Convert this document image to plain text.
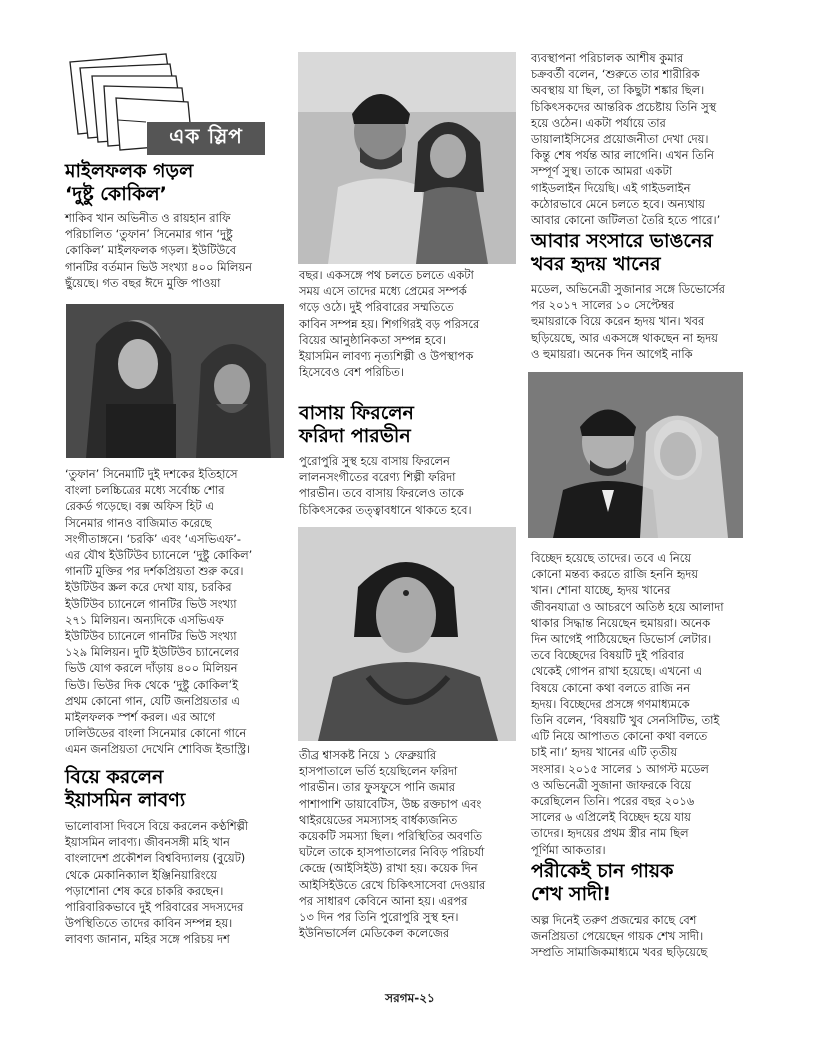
এক স্লিপ
মাইলফলক গড়ল
‘দুষ্টু কোকিল’
শাকিব খান অভিনীত ও রায়হান রাফি
পরিচালিত ‘তুফান’ সিনেমার গান ‘দুষ্টু
কোকিল’ মাইলফলক গড়ল। ইউটিউবে
গানটির বর্তমান ভিউ সংখ্যা ৪০০ মিলিয়ন
ছুঁয়েছে। গত বছর ঈদে মুক্তি পাওয়া
‘তুফান’ সিনেমাটি দুই দশকের ইতিহাসে
বাংলা চলচ্চিত্রের মধ্যে সর্বোচ্চ শোর
রেকর্ড গড়েছে। বক্স অফিস হিট এ
সিনেমার গানও বাজিমাত করেছে
সংগীতাঙ্গনে। ‘চরকি’ এবং ‘এসভিএফ’-
এর যৌথ ইউটিউব চ্যানেলে ‘দুষ্টু কোকিল’
গানটি মুক্তির পর দর্শকপ্রিয়তা শুরু করে।
ইউটিউব স্ক্রল করে দেখা যায়, চরকির
ইউটিউব চ্যানেলে গানটির ভিউ সংখ্যা
২৭১ মিলিয়ন। অন্যদিকে এসভিএফ
ইউটিউব চ্যানেলে গানটির ভিউ সংখ্যা
১২৯ মিলিয়ন। দুটি ইউটিউব চ্যানেলের
ভিউ যোগ করলে দাঁড়ায় ৪০০ মিলিয়ন
ভিউ। ভিউর দিক থেকে ‘দুষ্টু কোকিল’ই
প্রথম কোনো গান, যেটি জনপ্রিয়তার এ
মাইলফলক স্পর্শ করল। এর আগে
ঢালিউডের বাংলা সিনেমার কোনো গানে
এমন জনপ্রিয়তা দেখেনি শোবিজ ইন্ডাস্ট্রি।
বিয়ে করলেন
ইয়াসমিন লাবণ্য
ভালোবাসা দিবসে বিয়ে করলেন কণ্ঠশিল্পী
ইয়াসমিন লাবণ্য। জীবনসঙ্গী মহি খান
বাংলাদেশ প্রকৌশল বিশ্ববিদ্যালয় (বুয়েট)
থেকে মেকানিক্যাল ইঞ্জিনিয়ারিংয়ে
পড়াশোনা শেষ করে চাকরি করছেন।
পারিবারিকভাবে দুই পরিবারের সদস্যদের
উপস্থিতিতে তাদের কাবিন সম্পন্ন হয়।
লাবণ্য জানান, মহির সঙ্গে পরিচয় দশ
বছর। একসঙ্গে পথ চলতে চলতে একটা
সময় এসে তাদের মধ্যে প্রেমের সম্পর্ক
গড়ে ওঠে। দুই পরিবারের সম্মতিতে
কাবিন সম্পন্ন হয়। শিগগিরই বড় পরিসরে
বিয়ের আনুষ্ঠানিকতা সম্পন্ন হবে।
ইয়াসমিন লাবণ্য নৃত্যশিল্পী ও উপস্থাপক
হিসেবেও বেশ পরিচিত।
বাসায় ফিরলেন
ফরিদা পারভীন
পুরোপুরি সুস্থ হয়ে বাসায় ফিরলেন
লালনসংগীতের বরেণ্য শিল্পী ফরিদা
পারভীন। তবে বাসায় ফিরলেও তাকে
চিকিৎসকের তত্ত্বাবধানে থাকতে হবে।
তীব্র শ্বাসকষ্ট নিয়ে ১ ফেব্রুয়ারি
হাসপাতালে ভর্তি হয়েছিলেন ফরিদা
পারভীন। তার ফুসফুসে পানি জমার
পাশাপাশি ডায়াবেটিস, উচ্চ রক্তচাপ এবং
থাইরয়েডের সমস্যাসহ বার্ধক্যজনিত
কয়েকটি সমস্যা ছিল। পরিস্থিতির অবণতি
ঘটলে তাকে হাসপাতালের নিবিড় পরিচর্যা
কেন্দ্রে (আইসিইউ) রাখা হয়। কয়েক দিন
আইসিইউতে রেখে চিকিৎসাসেবা দেওয়ার
পর সাধারণ কেবিনে আনা হয়। এরপর
১৩ দিন পর তিনি পুরোপুরি সুস্থ হন।
ইউনিভার্সেল মেডিকেল কলেজের
ব্যবস্থাপনা পরিচালক আশীষ কুমার
চক্রবর্তী বলেন, ‘শুরুতে তার শারীরিক
অবস্থায় যা ছিল, তা কিছুটা শঙ্কার ছিল।
চিকিৎসকদের আন্তরিক প্রচেষ্টায় তিনি সুস্থ
হয়ে ওঠেন। একটা পর্যায়ে তার
ডায়ালাইসিসের প্রয়োজনীতা দেখা দেয়।
কিন্তু শেষ পর্যন্ত আর লাগেনি। এখন তিনি
সম্পূর্ণ সুস্থ। তাকে আমরা একটা
গাইডলাইন দিয়েছি। এই গাইডলাইন
কঠোরভাবে মেনে চলতে হবে। অন্যথায়
আবার কোনো জটিলতা তৈরি হতে পারে।’
আবার সংসারে ভাঙনের
খবর হৃদয় খানের
মডেল, অভিনেত্রী সুজানার সঙ্গে ডিভোর্সের
পর ২০১৭ সালের ১০ সেপ্টেম্বর
হুমায়রাকে বিয়ে করেন হৃদয় খান। খবর
ছড়িয়েছে, আর একসঙ্গে থাকছেন না হৃদয়
ও হুমায়রা। অনেক দিন আগেই নাকি
বিচ্ছেদ হয়েছে তাদের। তবে এ নিয়ে
কোনো মন্তব্য করতে রাজি হননি হৃদয়
খান। শোনা যাচ্ছে, হৃদয় খানের
জীবনযাত্রা ও আচরণে অতিষ্ঠ হয়ে আলাদা
থাকার সিদ্ধান্ত নিয়েছেন হুমায়রা। অনেক
দিন আগেই পাঠিয়েছেন ডিভোর্স লেটার।
তবে বিচ্ছেদের বিষয়টি দুই পরিবার
থেকেই গোপন রাখা হয়েছে। এখনো এ
বিষয়ে কোনো কথা বলতে রাজি নন
হৃদয়। বিচ্ছেদের প্রসঙ্গে গণমাধ্যমকে
তিনি বলেন, ‘বিষয়টি খুব সেনসিটিভ, তাই
এটি নিয়ে আপাতত কোনো কথা বলতে
চাই না।’ হৃদয় খানের এটি তৃতীয়
সংসার। ২০১৫ সালের ১ আগস্ট মডেল
ও অভিনেত্রী সুজানা জাফরকে বিয়ে
করেছিলেন তিনি। পরের বছর ২০১৬
সালের ৬ এপ্রিলেই বিচ্ছেদ হয়ে যায়
তাদের। হৃদয়ের প্রথম স্ত্রীর নাম ছিল
পূর্ণিমা আকতার।
পরীকেই চান গায়ক
শেখ সাদী!
অল্প দিনেই তরুণ প্রজন্মের কাছে বেশ
জনপ্রিয়তা পেয়েছেন গায়ক শেখ সাদী।
সম্প্রতি সামাজিকমাধ্যমে খবর ছড়িয়েছে
সরগম-২১
